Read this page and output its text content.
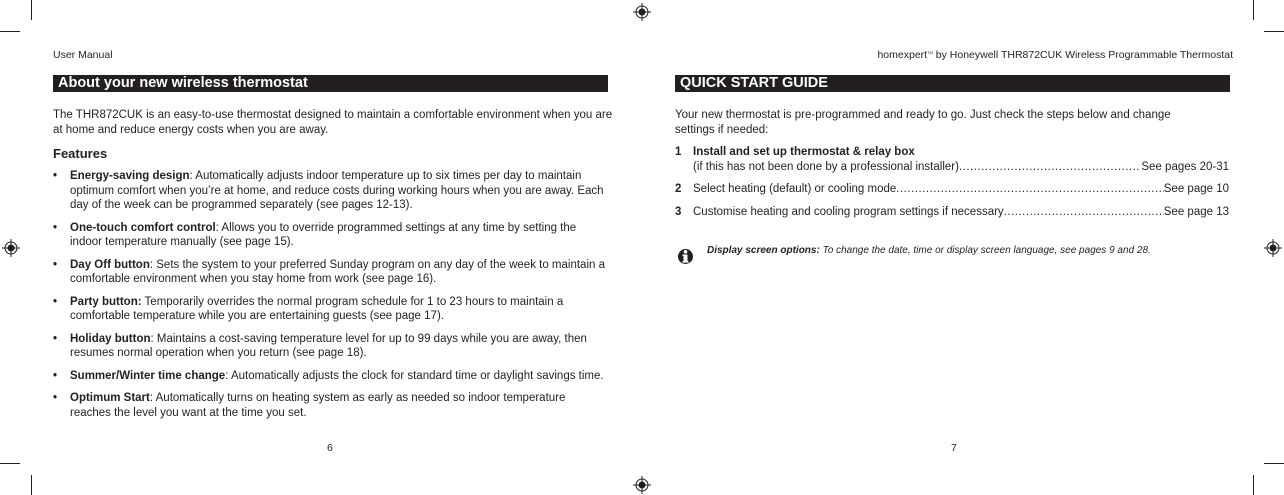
User Manual	homexpert™ by Honeywell THR872CUK Wireless Programmable Thermostat
About your new wireless thermostat
The THR872CUK is an easy-to-use thermostat designed to maintain a comfortable environment when you are at home and reduce energy costs when you are away.
Features
• Energy-saving design: Automatically adjusts indoor temperature up to six times per day to maintain optimum comfort when you’re at home, and reduce costs during working hours when you are away. Each day of the week can be programmed separately (see pages 12-13).
• One-touch comfort control: Allows you to override programmed settings at any time by setting the indoor temperature manually (see page 15).
• Day Off button: Sets the system to your preferred Sunday program on any day of the week to maintain a comfortable environment when you stay home from work (see page 16).
• Party button: Temporarily overrides the normal program schedule for 1 to 23 hours to maintain a comfortable temperature while you are entertaining guests (see page 17).
• Holiday button: Maintains a cost-saving temperature level for up to 99 days while you are away, then resumes normal operation when you return (see page 18).
• Summer/Winter time change: Automatically adjusts the clock for standard time or daylight savings time.
• Optimum Start: Automatically turns on heating system as early as needed so indoor temperature reaches the level you want at the time you set.
6
QUICK START GUIDE
Your new thermostat is pre-programmed and ready to go. Just check the steps below and change
settings if needed:
1 Install and set up thermostat & relay box
(if this has not been done by a professional installer) .....	See pages 20-31
2 Select heating (default) or cooling mode .....	See page 10
3 Customise heating and cooling program settings if necessary .....	See page 13
Display screen options: To change the date, time or display screen language, see pages 9 and 28.
7
